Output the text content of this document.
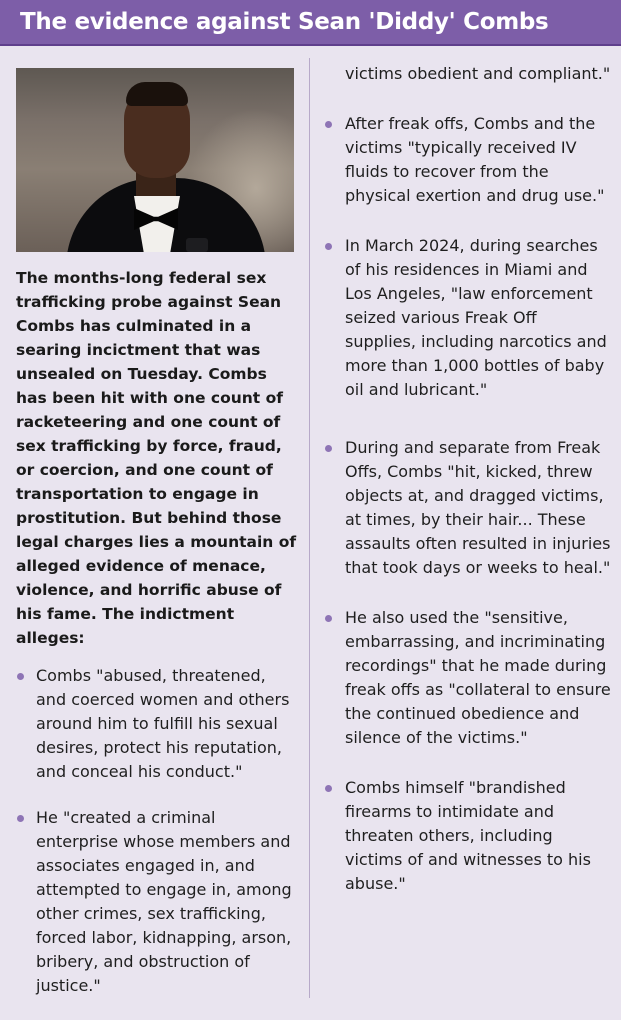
The evidence against Sean 'Diddy' Combs

The months-long federal sex trafficking probe against Sean Combs has culminated in a searing incictment that was unsealed on Tuesday. Combs has been hit with one count of racketeering and one count of sex trafficking by force, fraud, or coercion, and one count of transportation to engage in prostitution. But behind those legal charges lies a mountain of alleged evidence of menace, violence, and horrific abuse of his fame. The indictment alleges:

Combs "abused, threatened, and coerced women and others around him to fulfill his sexual desires, protect his reputation, and conceal his conduct."
He "created a criminal enterprise whose members and associates engaged in, and attempted to engage in, among other crimes, sex trafficking, forced labor, kidnapping, arson, bribery, and obstruction of justice."
victims obedient and compliant."
After freak offs, Combs and the victims "typically received IV fluids to recover from the physical exertion and drug use."
In March 2024, during searches of his residences in Miami and Los Angeles, "law enforcement seized various Freak Off supplies, including narcotics and more than 1,000 bottles of baby oil and lubricant."
During and separate from Freak Offs, Combs "hit, kicked, threw objects at, and dragged victims, at times, by their hair... These assaults often resulted in injuries that took days or weeks to heal."
He also used the "sensitive, embarrassing, and incriminating recordings" that he made during freak offs as "collateral to ensure the continued obedience and silence of the victims."
Combs himself "brandished firearms to intimidate and threaten others, including victims of and witnesses to his abuse."
